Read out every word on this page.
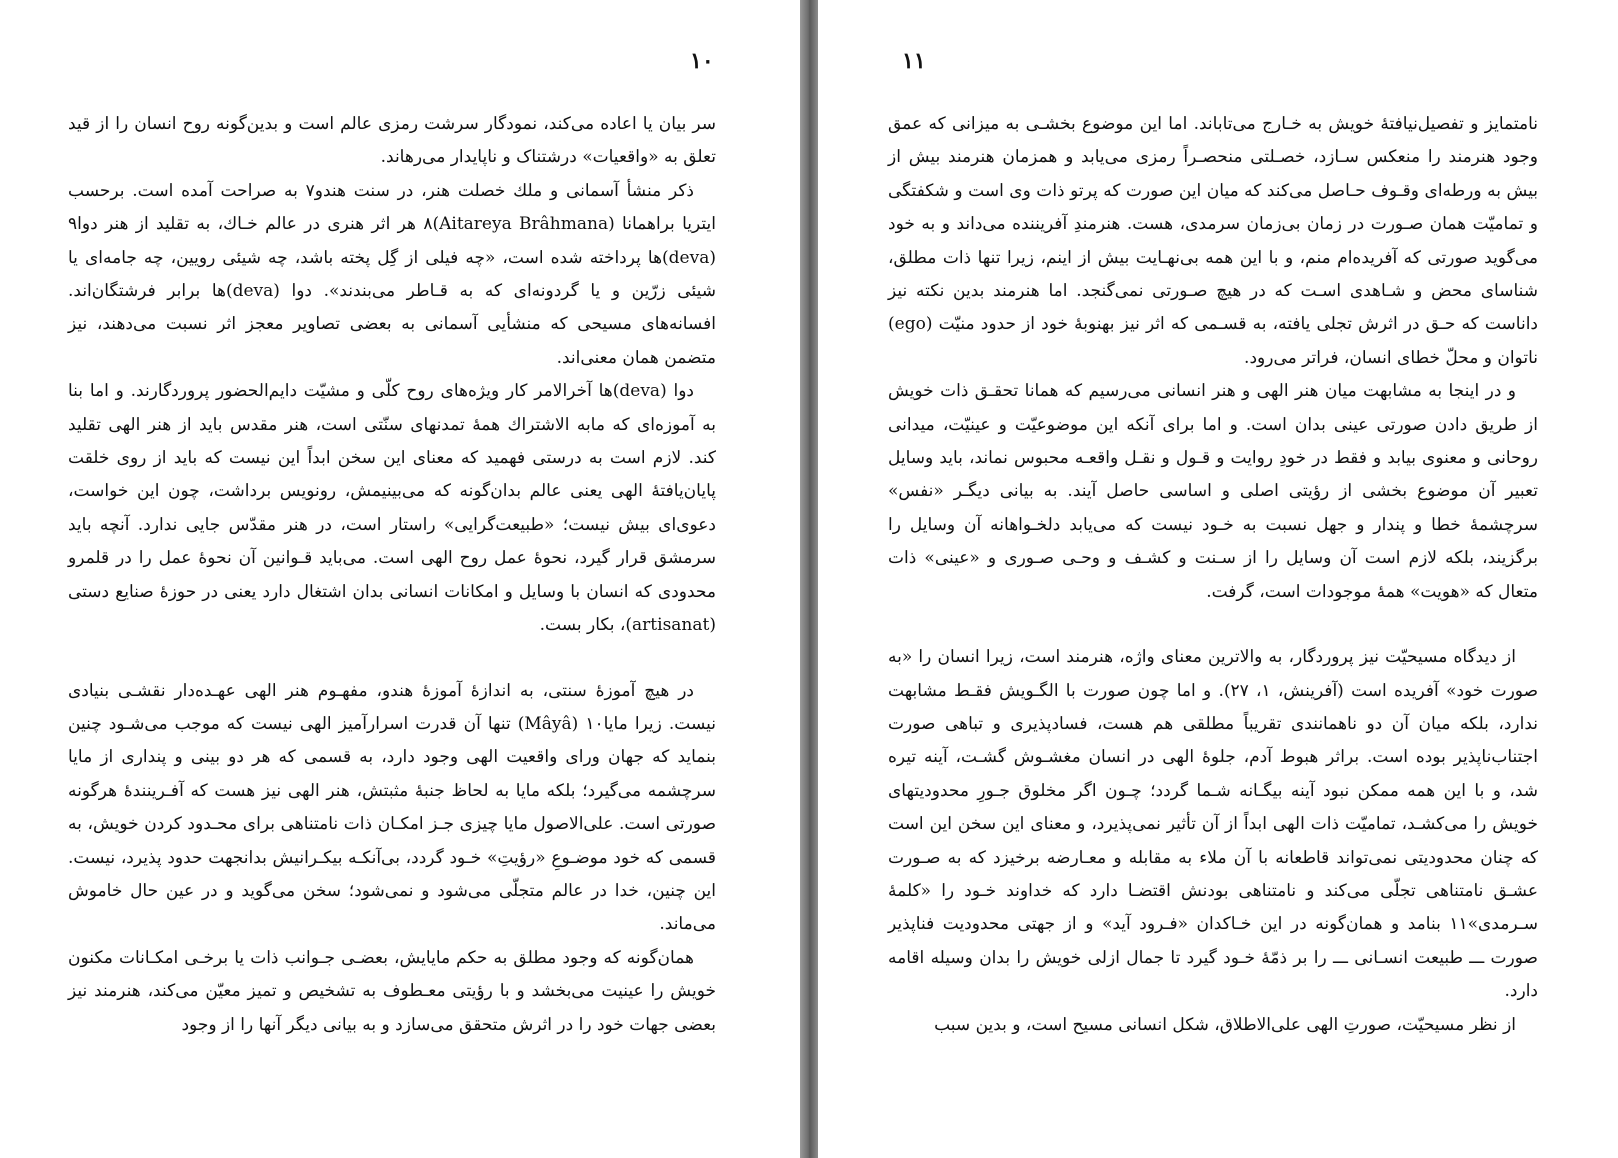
۱۰

سر بیان یا اعاده می‌کند، نمودگار سرشت رمزی عالم است و بدین‌گونه روح انسان را از قید تعلق به «واقعیات» درشتناک و ناپایدار می‌رهاند.

ذکر منشأ آسمانی و ملك خصلت هنر، در سنت هندو۷ به صراحت آمده است. برحسب ایتریا براهمانا (Aitareya Brâhmana)۸ هر اثر هنری در عالم خـاك، به تقلید از هنر دوا۹ (deva)ها پرداخته شده است، «چه فیلی از گِل پخته باشد، چه شیئی رویین، چه جامه‌ای یا شیئی زرّین و یا گردونه‌ای که به قـاطر می‌بندند». دوا (deva)ها برابر فرشتگان‌اند. افسانه‌های مسیحی که منشأیی آسمانی به بعضی تصاویر معجز اثر نسبت می‌دهند، نیز متضمن همان معنی‌اند.

دوا (deva)ها آخرالامر کار ویژه‌های روح کلّی و مشیّت دایم‌الحضور پروردگارند. و اما بنا به آموزه‌ای که مابه الاشتراك همهٔ تمدنهای سنّتی است، هنر مقدس باید از هنر الهی تقلید کند. لازم است به درستی فهمید که معنای این سخن ابداً این نیست که باید از روی خلقت پایان‌یافتهٔ الهی یعنی عالم بدان‌گونه که می‌بینیمش، رونویس برداشت، چون این خواست، دعوی‌ای بیش نیست؛ «طبیعت‌گرایی» راستار است، در هنر مقدّس جایی ندارد. آنچه باید سرمشق قرار گیرد، نحوهٔ عمل روح الهی است. می‌باید قـوانین آن نحوهٔ عمل را در قلمرو محدودی که انسان با وسایل و امکانات انسانی بدان اشتغال دارد یعنی در حوزهٔ صنایع دستی (artisanat)، بکار بست.

در هیچ آموزهٔ سنتی، به اندازهٔ آموزهٔ هندو، مفهـوم هنر الهی عهـده‌دار نقشـی بنیادی نیست. زیرا مایا۱۰ (Mâyâ) تنها آن قدرت اسرارآمیز الهی نیست که موجب می‌شـود چنین بنماید که جهان ورای واقعیت الهی وجود دارد، به قسمی که هر دو بینی و پنداری از مایا سرچشمه می‌گیرد؛ بلکه مایا به لحاظ جنبهٔ مثبتش، هنر الهی نیز هست که آفـرینندهٔ هرگونه صورتی است. علی‌الاصول مایا چیزی جـز امکـان ذات نامتناهی برای محـدود کردن خویش، به قسمی که خود موضـوعِ «رؤیتِ» خـود گردد، بی‌آنکـه بیکـرانیش بدانجهت حدود پذیرد، نیست. این چنین، خدا در عالم متجلّی می‌شود و نمی‌شود؛ سخن می‌گوید و در عین حال خاموش می‌ماند.

همان‌گونه که وجود مطلق به حکم مایایش، بعضـی جـوانب ذات یا برخـی امکـانات مکنون خویش را عینیت می‌بخشد و با رؤیتی معـطوف به تشخیص و تمیز معیّن می‌کند، هنرمند نیز بعضی جهات خود را در اثرش متحقق می‌سازد و به بیانی دیگر آنها را از وجود

۱۱

نامتمایز و تفصیل‌نیافتهٔ خویش به خـارج می‌تاباند. اما این موضوع بخشـی به میزانی که عمق وجود هنرمند را منعکس سـازد، خصـلتی منحصـراً رمزی می‌یابد و همزمان هنرمند بیش از بیش به ورطه‌ای وقـوف حـاصل می‌کند که میان این صورت که پرتو ذات وی است و شکفتگی و تمامیّت همان صـورت در زمان بی‌زمان سرمدی، هست. هنرمندِ آفریننده می‌داند و به خود می‌گوید صورتی که آفریده‌ام منم، و با این همه بی‌نهـایت بیش از اینم، زیرا تنها ذات مطلق، شناسای محض و شـاهدی اسـت که در هیچ صـورتی نمی‌گنجد. اما هنرمند بدین نکته نیز داناست که حـق در اثرش تجلی یافته، به قسـمی که اثر نیز بهنوبهٔ خود از حدود منیّت (ego) ناتوان و محلّ خطای انسان، فراتر می‌رود.

و در اینجا به مشابهت میان هنر الهی و هنر انسانی می‌رسیم که همانا تحقـق ذات خویش از طریق دادن صورتی عینی بدان است. و اما برای آنکه این موضوعیّت و عینیّت، میدانی روحانی و معنوی بیابد و فقط در خودِ روایت و قـول و نقـل واقعـه محبوس نماند، باید وسایل تعبیر آن موضوع بخشی از رؤیتی اصلی و اساسی حاصل آیند. به بیانی دیگـر «نفس» سرچشمهٔ خطا و پندار و جهل نسبت به خـود نیست که می‌یابد دلخـواهانه آن وسایل را برگزیند، بلکه لازم است آن وسایل را از سـنت و کشـف و وحـی صـوری و «عینی» ذات متعال که «هویت» همهٔ موجودات است، گرفت.

از دیدگاه مسیحیّت نیز پروردگار، به والاترین معنای واژه، هنرمند است، زیرا انسان را «به صورت خود» آفریده است (آفرینش، ۱، ۲۷). و اما چون صورت با الگـویش فقـط مشابهت ندارد، بلکه میان آن دو ناهمانندی تقریباً مطلقی هم هست، فسادپذیری و تباهی صورت اجتناب‌ناپذیر بوده است. براثر هبوط آدم، جلوهٔ الهی در انسان مغشـوش گشـت، آینه تیره شد، و با این همه ممکن نبود آینه بیگـانه شـما گردد؛ چـون اگر مخلوق جـورِ محدودیتهای خویش را می‌کشـد، تمامیّت ذات الهی ابداً از آن تأثیر نمی‌پذیرد، و معنای این سخن این است که چنان محدودیتی نمی‌تواند قاطعانه با آن ملاء به مقابله و معـارضه برخیزد که به صـورت عشـق نامتناهی تجلّی می‌کند و نامتناهی بودنش اقتضـا دارد که خداوند خـود را «کلمهٔ سـرمدی»۱۱ بنامد و همان‌گونه در این خـاکدان «فـرود آید» و از جهتی محدودیت فناپذیر صورت ـــ طبیعت انسـانی ـــ را بر ذمّهٔ خـود گیرد تا جمال ازلی خویش را بدان وسیله اقامه دارد.

از نظر مسیحیّت، صورتِ الهی علی‌الاطلاق، شکل انسانی مسیح است، و بدین سبب
